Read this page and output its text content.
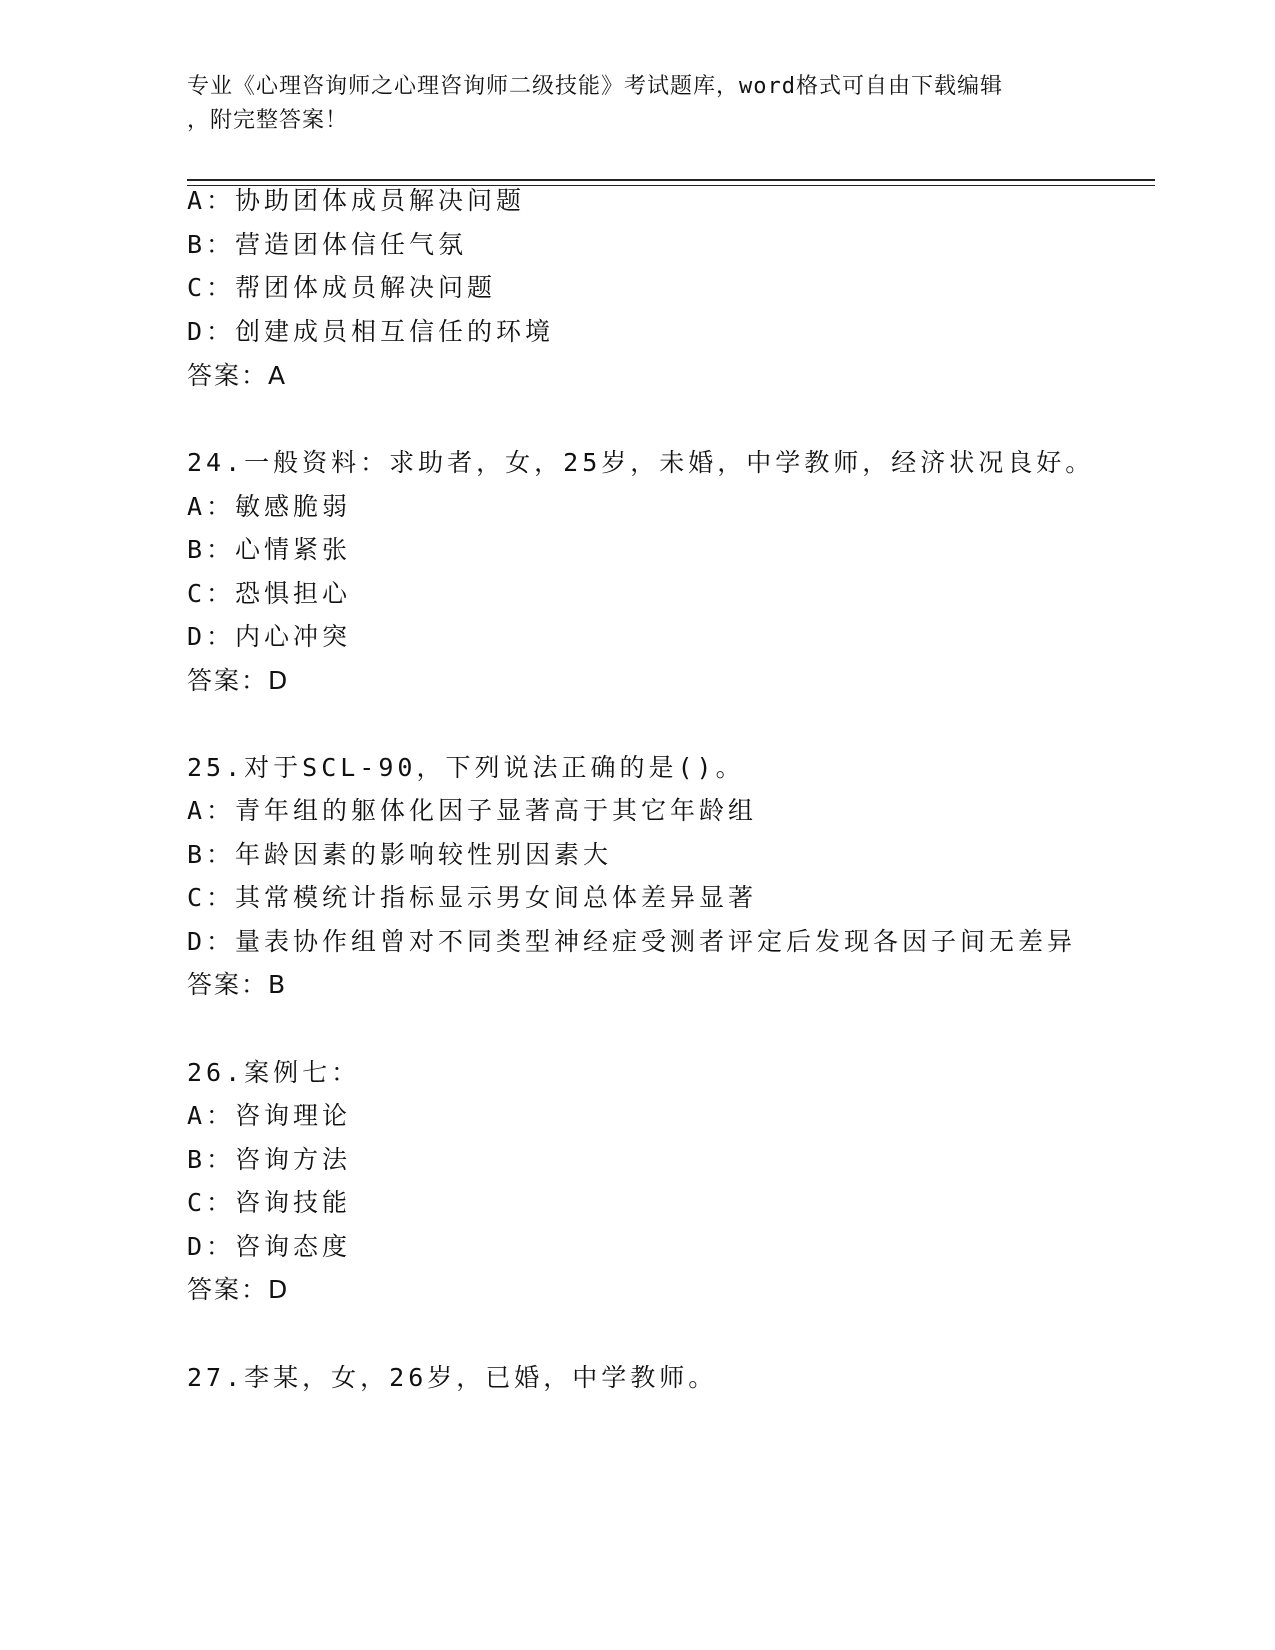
专业《心理咨询师之心理咨询师二级技能》考试题库，word格式可自由下载编辑
，附完整答案！
A：协助团体成员解决问题
B：营造团体信任气氛
C：帮团体成员解决问题
D：创建成员相互信任的环境
答案：A
24.一般资料：求助者，女，25岁，未婚，中学教师，经济状况良好。
A：敏感脆弱
B：心情紧张
C：恐惧担心
D：内心冲突
答案：D
25.对于SCL-90，下列说法正确的是()。
A：青年组的躯体化因子显著高于其它年龄组
B：年龄因素的影响较性别因素大
C：其常模统计指标显示男女间总体差异显著
D：量表协作组曾对不同类型神经症受测者评定后发现各因子间无差异
答案：B
26.案例七：
A：咨询理论
B：咨询方法
C：咨询技能
D：咨询态度
答案：D
27.李某，女，26岁，已婚，中学教师。
